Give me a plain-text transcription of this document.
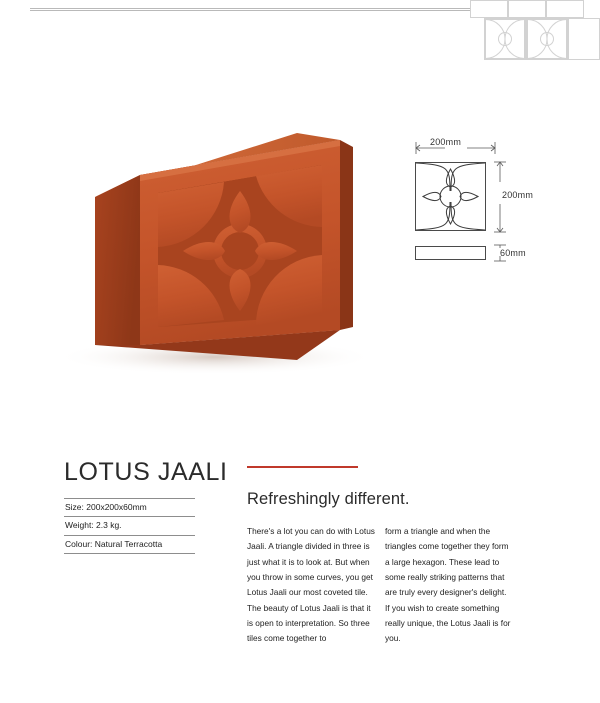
200mm
200mm
60mm
LOTUS JAALI
Size: 200x200x60mm
Weight: 2.3 kg.
Colour: Natural Terracotta
Refreshingly different.
There's a lot you can do with Lotus Jaali. A triangle divided in three is just what it is to look at. But when you throw in some curves, you get Lotus Jaali our most coveted tile. The beauty of Lotus Jaali is that it is open to interpretation. So three tiles come together to
form a triangle and when the triangles come together they form a large hexagon. These lead to some really striking patterns that are truly every designer's delight. If you wish to create something really unique, the Lotus Jaali is for you.
